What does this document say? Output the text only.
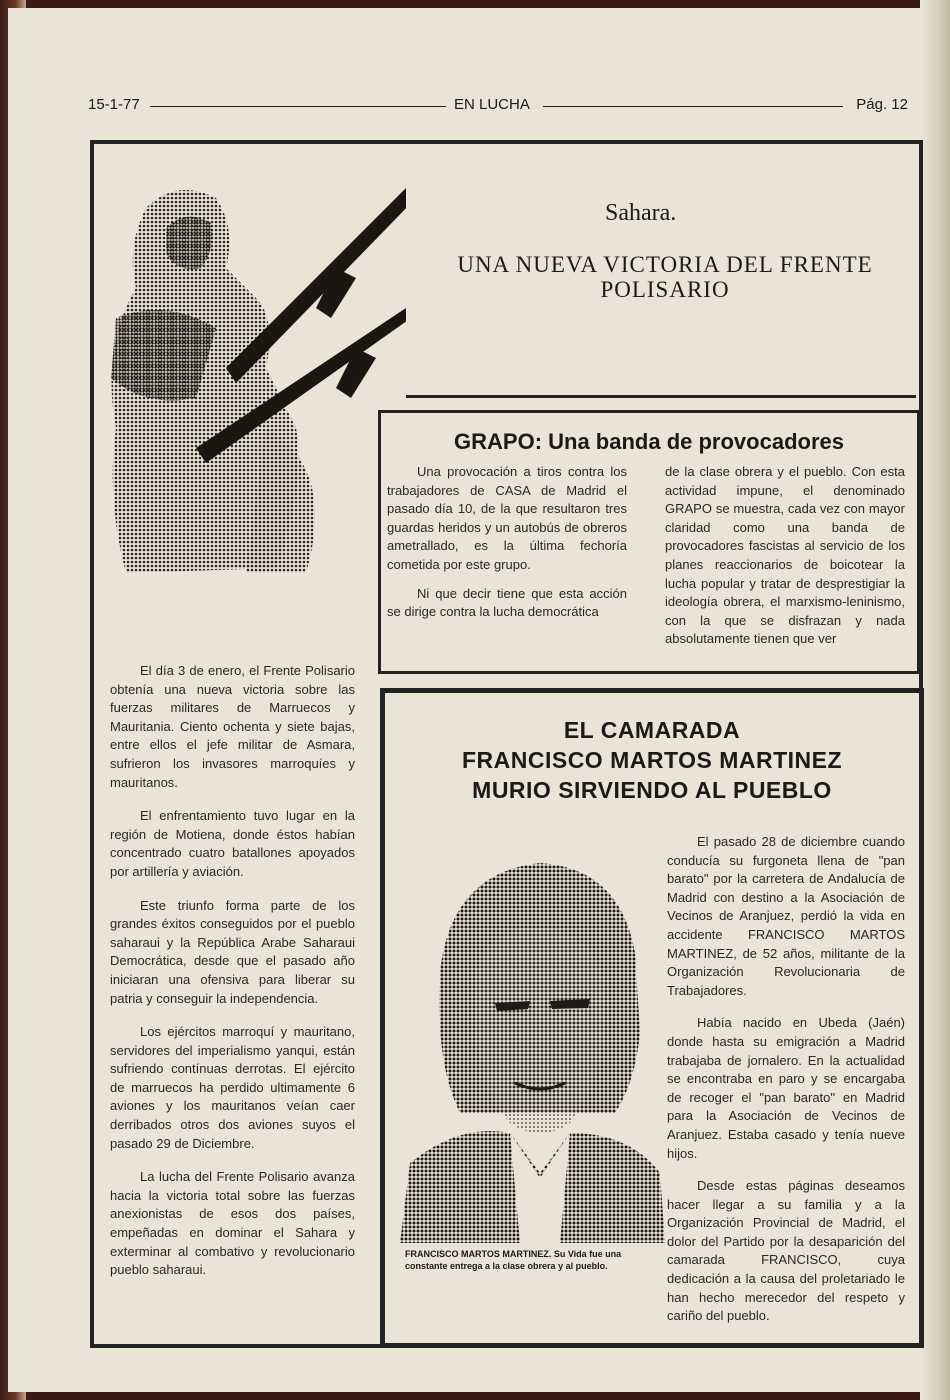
15-1-77	EN LUCHA	Pág. 12
Sahara.
UNA NUEVA VICTORIA DEL FRENTE POLISARIO
GRAPO: Una banda de provocadores

Una provocación a tiros contra los trabajadores de CASA de Madrid el pasado día 10, de la que resultaron tres guardas heridos y un autobús de obreros ametrallado, es la última fechoría cometida por este grupo.

Ni que decir tiene que esta acción se dirige contra la lucha democrática

de la clase obrera y el pueblo. Con esta actividad impune, el denominado GRAPO se muestra, cada vez con mayor claridad como una banda de provocadores fascistas al servicio de los planes reaccionarios de boicotear la lucha popular y tratar de desprestigiar la ideología obrera, el marxismo-leninismo, con la que se disfrazan y nada absolutamente tienen que ver

El día 3 de enero, el Frente Polisario obtenía una nueva victoria sobre las fuerzas militares de Marruecos y Mauritania. Ciento ochenta y siete bajas, entre ellos el jefe militar de Asmara, sufrieron los invasores marroquíes y mauritanos.

El enfrentamiento tuvo lugar en la región de Motiena, donde éstos habían concentrado cuatro batallones apoyados por artillería y aviación.

Este triunfo forma parte de los grandes éxitos conseguidos por el pueblo saharaui y la República Arabe Saharaui Democrática, desde que el pasado año iniciaran una ofensiva para liberar su patria y conseguir la independencia.

Los ejércitos marroquí y mauritano, servidores del imperialismo yanqui, están sufriendo contínuas derrotas. El ejército de marruecos ha perdido ultimamente 6 aviones y los mauritanos veían caer derribados otros dos aviones suyos el pasado 29 de Diciembre.

La lucha del Frente Polisario avanza hacia la victoria total sobre las fuerzas anexionistas de esos dos países, empeñadas en dominar el Sahara y exterminar al combativo y revolucionario pueblo saharaui.

EL CAMARADA
FRANCISCO MARTOS MARTINEZ
MURIO SIRVIENDO AL PUEBLO
FRANCISCO MARTOS MARTINEZ. Su Vida fue una constante entrega a la clase obrera y al pueblo.

El pasado 28 de diciembre cuando conducía su furgoneta llena de "pan barato" por la carretera de Andalucía de Madrid con destino a la Asociación de Vecinos de Aranjuez, perdió la vida en accidente FRANCISCO MARTOS MARTINEZ, de 52 años, militante de la Organización Revolucionaria de Trabajadores.

Había nacido en Ubeda (Jaén) donde hasta su emigración a Madrid trabajaba de jornalero. En la actualidad se encontraba en paro y se encargaba de recoger el "pan barato" en Madrid para la Asociación de Vecinos de Aranjuez. Estaba casado y tenía nueve hijos.

Desde estas páginas deseamos hacer llegar a su familia y a la Organización Provincial de Madrid, el dolor del Partido por la desaparición del camarada FRANCISCO, cuya dedicación a la causa del proletariado le han hecho merecedor del respeto y cariño del pueblo.
